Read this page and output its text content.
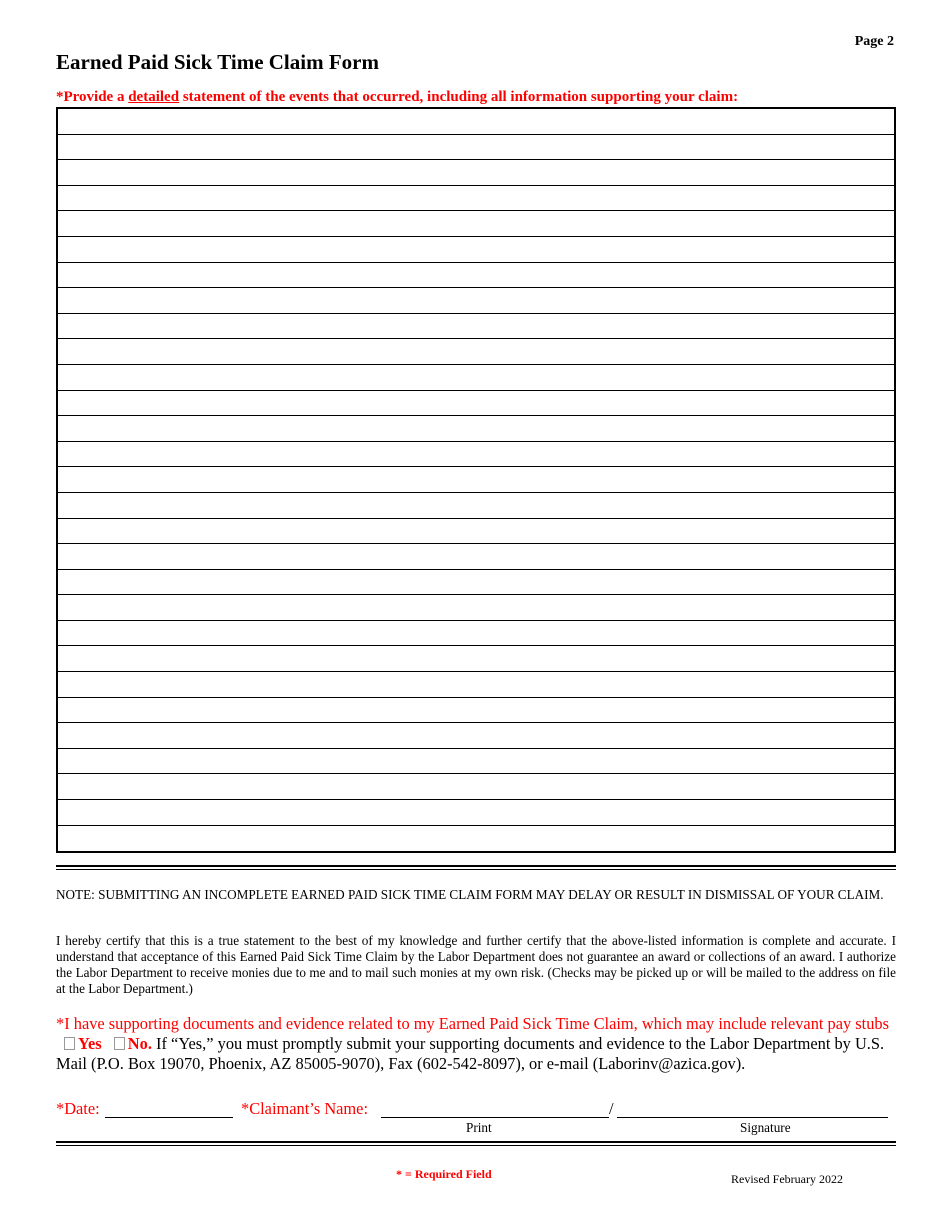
Page 2
Earned Paid Sick Time Claim Form
*Provide a detailed statement of the events that occurred, including all information supporting your claim:
NOTE: SUBMITTING AN INCOMPLETE EARNED PAID SICK TIME CLAIM FORM MAY DELAY OR RESULT IN DISMISSAL OF YOUR CLAIM.
I hereby certify that this is a true statement to the best of my knowledge and further certify that the above-listed information is complete and accurate. I understand that acceptance of this Earned Paid Sick Time Claim by the Labor Department does not guarantee an award or collections of an award. I authorize the Labor Department to receive monies due to me and to mail such monies at my own risk. (Checks may be picked up or will be mailed to the address on file at the Labor Department.)
*I have supporting documents and evidence related to my Earned Paid Sick Time Claim, which may include relevant pay stubs Yes No. If “Yes,” you must promptly submit your supporting documents and evidence to the Labor Department by U.S. Mail (P.O. Box 19070, Phoenix, AZ 85005-9070), Fax (602-542-8097), or e-mail (Laborinv@azica.gov).
*Date:	*Claimant’s Name:	/
Print	Signature
* = Required Field	Revised February 2022
